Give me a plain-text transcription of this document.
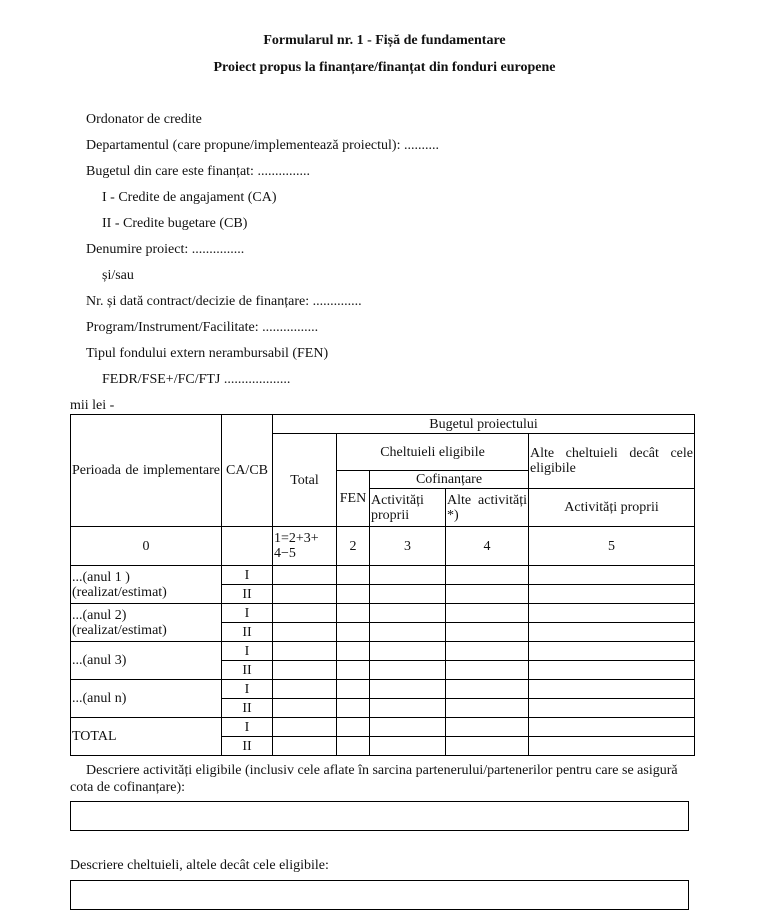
Formularul nr. 1 - Fișă de fundamentare
Proiect propus la finanțare/finanțat din fonduri europene
Ordonator de credite
Departamentul (care propune/implementează proiectul): ..........
Bugetul din care este finanțat: ...............
I - Credite de angajament (CA)
II - Credite bugetare (CB)
Denumire proiect: ...............
și/sau
Nr. și dată contract/decizie de finanțare: ..............
Program/Instrument/Facilitate: ................
Tipul fondului extern nerambursabil (FEN)
FEDR/FSE+/FC/FTJ ...................
mii lei -
Perioada de implementare	CA/CB	Bugetul proiectului				
		Total	Cheltuieli eligibile			Alte cheltuieli decât cele eligibile
			FEN	Cofinanțare		
				Activități proprii	Alte activități *)	Activități proprii
0		1=2+3+ 4−5	2	3	4	5
...(anul 1 ) (realizat/estimat)	I					
	II					
...(anul 2) (realizat/estimat)	I					
	II					
...(anul 3)	I					
	II					
...(anul n)	I					
	II					
TOTAL	I					
	II					
Descriere activități eligibile (inclusiv cele aflate în sarcina partenerului/partenerilor pentru care se asigură cota de cofinanțare):
Descriere cheltuieli, altele decât cele eligibile:
